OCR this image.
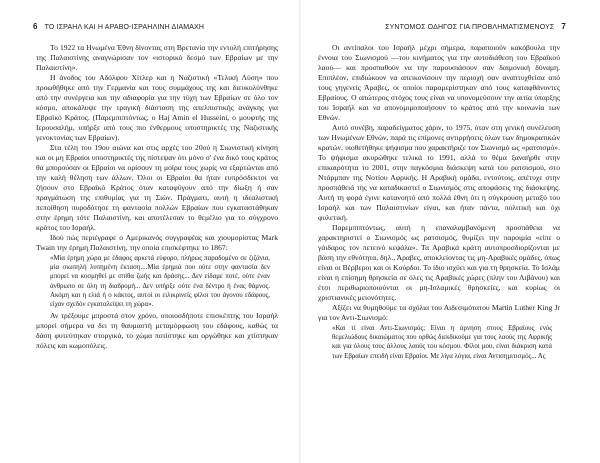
6 ΤΟ ΙΣΡΑΗΛ ΚΑΙ Η ΑΡΑΒΟ-ΙΣΡΑΗΛΙΝΗ ΔΙΑΜΑΧΗ

Το 1922 τα Ηνωμένα Έθνη δίνοντας στη Βρετανία την εντολή επιτήρησης της Παλαιστίνης αναγνώρισαν τον «ιστορικό δεσμό των Εβραίων με την Παλαιστίνη».

Η άνοδος του Αδόλφου Χίτλερ και η Ναζιστική «Τελική Λύση» που προωθήθηκε από την Γερμανία και τους συμμάχους της και διευκολύνθηκε από την συνέργεια και την αδιαφορία για την τύχη των Εβραίων σε όλο τον κόσμο, αποκάλυψε την τραγική διάσταση της απελπιστικής ανάγκης για Εβραϊκό Κράτος. (Παρεμπιπτόντως, ο Haj Amin el Husseini, ο μουφτής της Ιερουσαλήμ, υπήρξε από τους πιο ένθερμους υποστηρικτές της Ναζιστικής γενοκτονίας των Εβραίων).

Στα τέλη του 19ου αιώνα και στις αρχές του 20ού η Σιωνιστική κίνηση και οι μη Εβραίοι υποστηρικτές της πίστεψαν ότι μόνο σ' ένα δικό τους κράτος θα μπορούσαν οι Εβραίοι να ορίσουν τη μοίρα τους χωρίς να εξαρτώνται από την καλή θέληση των άλλων. Όλοι οι Εβραίοι θα ήταν ευπρόσδεκτοι να ζήσουν στο Εβραϊκό Κράτος όταν καταφύγουν από την δίωξη ή σαν πραγμάτωση της επιθυμίας για τη Σιών. Πράγματι, αυτή η ιδεαλιστική πεποίθηση πυροδότησε τη φαντασία πολλών Εβραίων που εγκαταστάθηκαν στην έρημη τότε Παλαιστίνη, και αποτέλεσαν το θεμέλιο για το σύγχρονο κράτος του Ισραήλ.

Ιδού πώς περιέγραφε ο Αμερικανός συγγραφέας και χιουμορίστας Mark Twain την έρημη Παλαιστίνη, την οποία επισκέφτηκε το 1867:

«Μία έρημη χώρα με έδαφος αρκετά εύφορο, πλήρως παραδομένο σε ζιζάνια, μία σιωπηλή λυπημένη έκταση....Μία έρημιά που ούτε στην φαντασία δεν μπορεί να κοσμηθεί με σπίθα ζωής και δράσης... Δεν είδαμε ποτέ, ούτε έναν άνθρωπο σε όλη τη διαδρομή... Δεν υπήρξε ούτε ένα δέντρο ή ένας θάμνος. Ακόμη και η ελιά ή ο κάκτος, αυτοί οι ειλικρινείς φίλοι του άγονου εδάφους, είχαν σχεδόν εγκαταλείψει τη χώρα».

Αν τρέξουμε μπροστά στον χρόνο, οποιοσδήποτε επισκέπτης του Ισραήλ μπορεί σήμερα να δει τη θαυμαστή μεταμόρφωση του εδάφους, καθώς τα δάση φυτεύτηκαν στοργικά, το χώμα ποτίστηκε και οργώθηκε και χτίστηκαν πόλεις και κωμοπόλεις.

ΣΥΝΤΟΜΟΣ ΟΔΗΓΟΣ ΓΙΑ ΠΡΟΒΛΗΜΑΤΙΣΜΕΝΟΥΣ 7

Οι αντίπαλοι του Ισραήλ μέχρι σήμερα, παραποιούν κακόβουλα την έννοια του Σιωνισμού —του κινήματος για την αυτοδιάθεση του Εβραϊκού λαού— και προσπαθούν να την παρουσιάσουν σαν δαιμονική δύναμη. Επιπλέον, επιδιώκουν να απεικονίσουν την περιοχή σαν αναπτυχθείσα από τους γηγενείς Άραβες, οι οποίοι παραμερίστηκαν από τους καταφθάνοντες Εβραίους. Ο απώτερος στόχος τους είναι να υπονομεύσουν την αιτία ύπαρξης του Ισραήλ και να απονομιμοποιήσουν το κράτος από την κοινωνία των Εθνών.

Αυτό συνέβη, παραδείγματος χάριν, το 1975, όταν στη γενική συνέλευση των Ηνωμένων Εθνών, παρά τις επίμονες αντιρρήσεις όλων των δημοκρατικών κρατών, υιοθετήθηκε ψήφισμα που χαρακτήριζε τον Σιωνισμό ως «ρατσισμό». Το ψήφισμα ακυρώθηκε τελικά το 1991, αλλά το θέμα ξαναήρθε στην επικαιρότητα το 2001, στην παγκόσμια διάσκεψη κατά του ρατσισμού, στο Ντάρμπαν της Νοτίου Αφρικής. Η Αραβική ομάδα, εντούτοις, απέτυχε στην προσπάθειά της να καταδικαστεί ο Σιωνισμός στις αποφάσεις της διάσκεψης. Αυτή τη φορά έγινε κατανοητό από πολλά έθνη ότι η σύγκρουση μεταξύ του Ισραήλ και των Παλαιστινίων είναι, και ήταν πάντα, πολιτική και όχι φυλετική.

Παρεμπιπτόντως, αυτή η επαναλαμβανόμενη προσπάθεια να χαρακτηριστεί ο Σιωνισμός ως ρατσισμός, θυμίζει την παροιμία «είπε ο γάιδαρος τον πετεινό κεφάλα». Τα Αραβικά κράτη αυτοπροσδιορίζονται με βάση την εθνότητα, δηλ., Άραβες, αποκλείοντας τις μη-Αραβικές ομάδες, όπως είναι οι Βέρβεροι και οι Κούρδοι. Το ίδιο ισχύει και για τη θρησκεία. Το Ισλάμ είναι η επίσημη θρησκεία σε όλες τις Αραβικές χώρες (πλην του Λιβάνου) και έτσι περιθωριοποιούνται οι μη-Ισλαμικές θρησκείες, και κυρίως οι χριστιανικές μειονότητες.

Αξίζει να θυμηθούμε τα σχόλια του Αιδεσιμότατου Martin Luther King Jr για τον Αντι-Σιωνισμό:

«Και τί είναι Αντι-Σιωνισμός; Είναι η άρνηση στους Εβραίους ενός θεμελιώδους δικαιώματος που ορθώς διεκδικούμε για τους λαούς της Αφρικής και για όλους τους άλλους λαούς του κόσμου. Φίλοι μου, είναι διάκριση κατά των Εβραίων επειδή είναι Εβραίοι. Με λίγα λόγια, είναι Αντισημιτισμός... Ας
